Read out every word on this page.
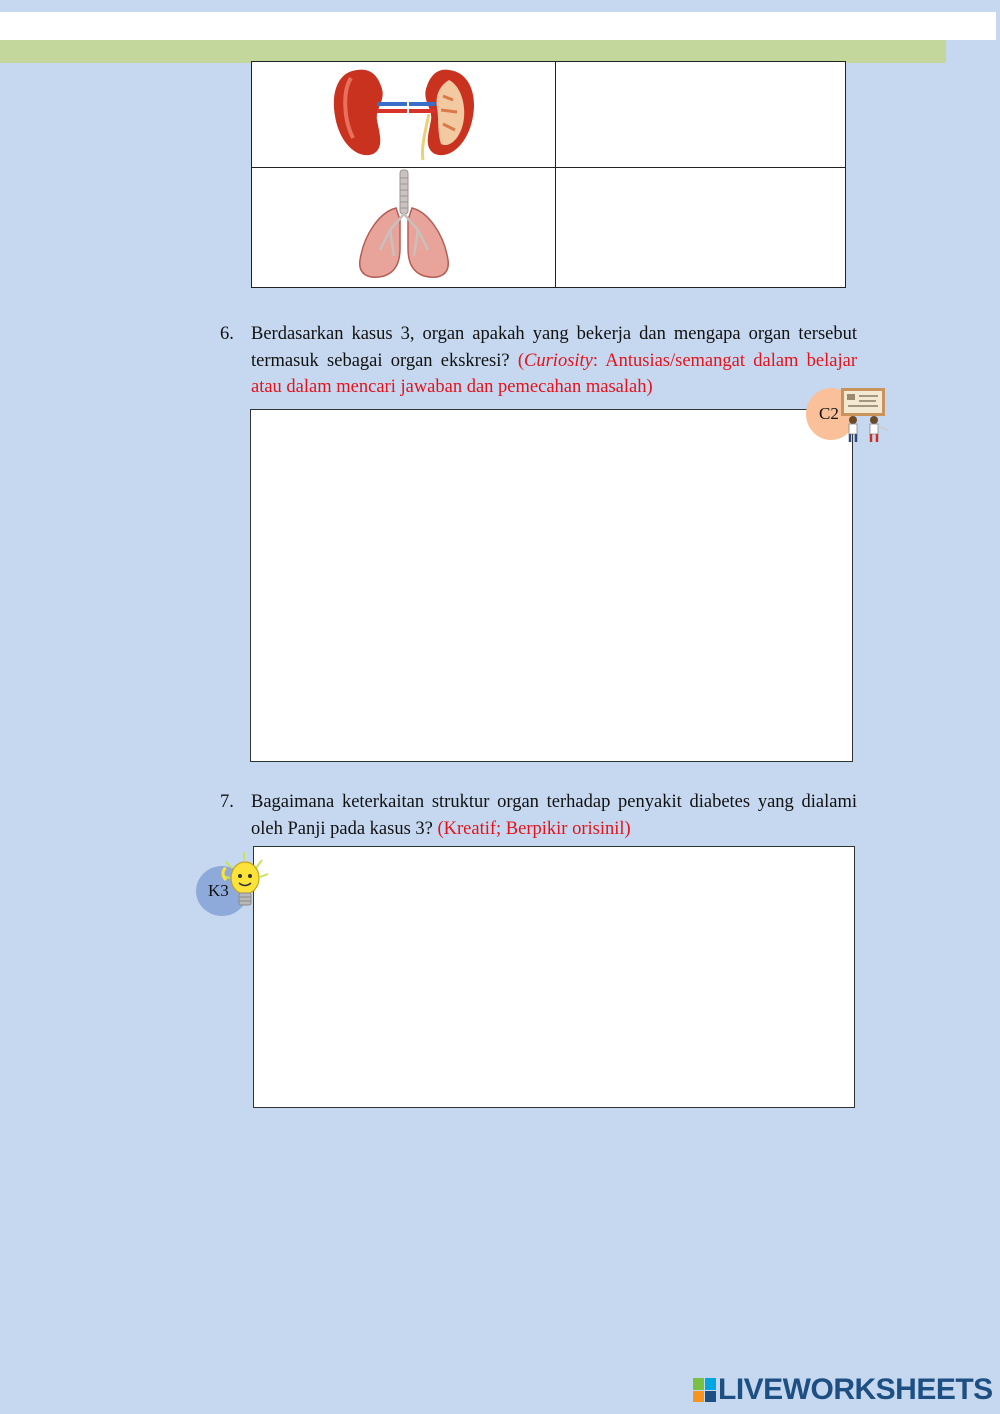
6. Berdasarkan kasus 3, organ apakah yang bekerja dan mengapa organ tersebut termasuk sebagai organ ekskresi? (Curiosity: Antusias/semangat dalam belajar atau dalam mencari jawaban dan pemecahan masalah)
C2
7. Bagaimana keterkaitan struktur organ terhadap penyakit diabetes yang dialami oleh Panji pada kasus 3? (Kreatif; Berpikir orisinil)
K3
LIVEWORKSHEETS
